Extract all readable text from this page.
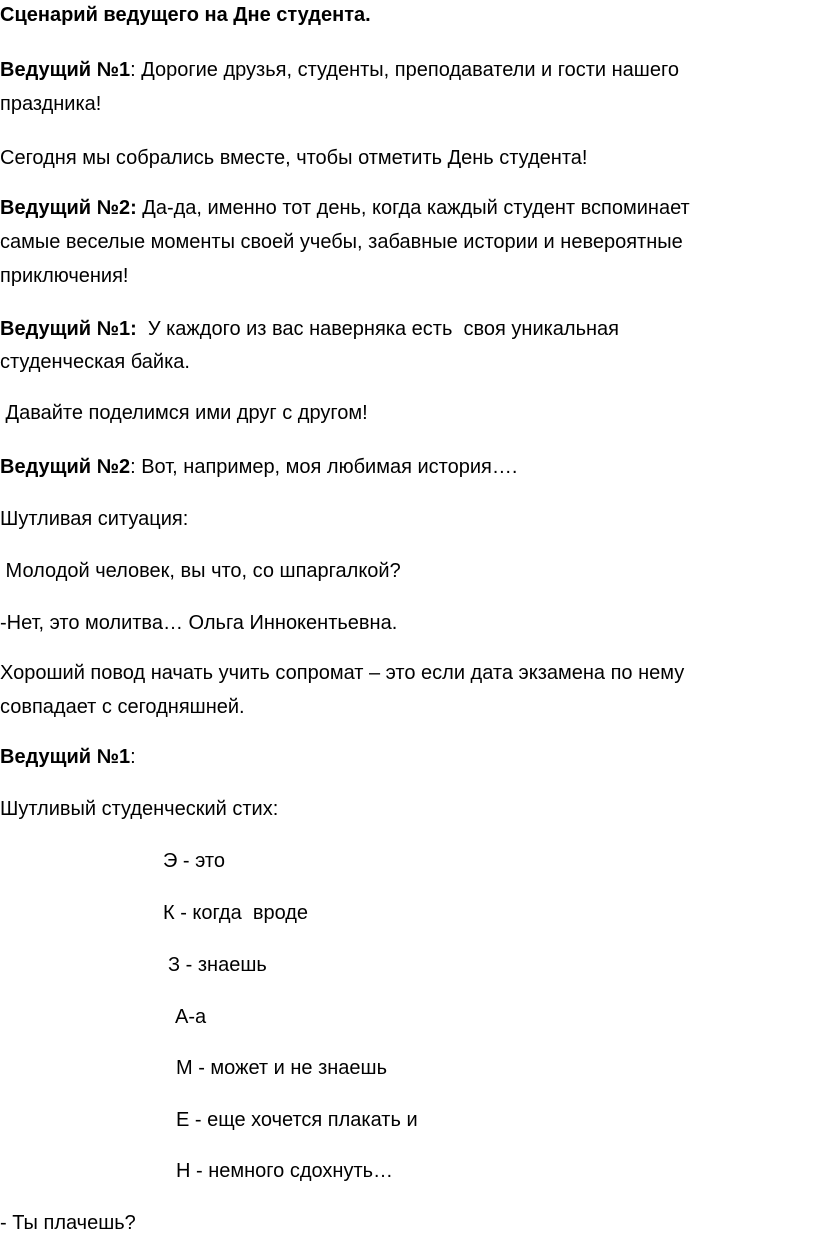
Сценарий ведущего на Дне студента.
Ведущий №1: Дорогие друзья, студенты, преподаватели и гости нашего
праздника!
Сегодня мы собрались вместе, чтобы отметить День студента!
Ведущий №2: Да-да, именно тот день, когда каждый студент вспоминает
самые веселые моменты своей учебы, забавные истории и невероятные
приключения!
Ведущий №1:  У каждого из вас наверняка есть  своя уникальная
студенческая байка.
Давайте поделимся ими друг с другом!
Ведущий №2: Вот, например, моя любимая история….
Шутливая ситуация:
Молодой человек, вы что, со шпаргалкой?
-Нет, это молитва… Ольга Иннокентьевна.
Хороший повод начать учить сопромат – это если дата экзамена по нему
совпадает с сегодняшней.
Ведущий №1:
Шутливый студенческий стих:
Э - это
К - когда  вроде
З - знаешь
А-а
М - может и не знаешь
Е - еще хочется плакать и
Н - немного сдохнуть…
- Ты плачешь?
